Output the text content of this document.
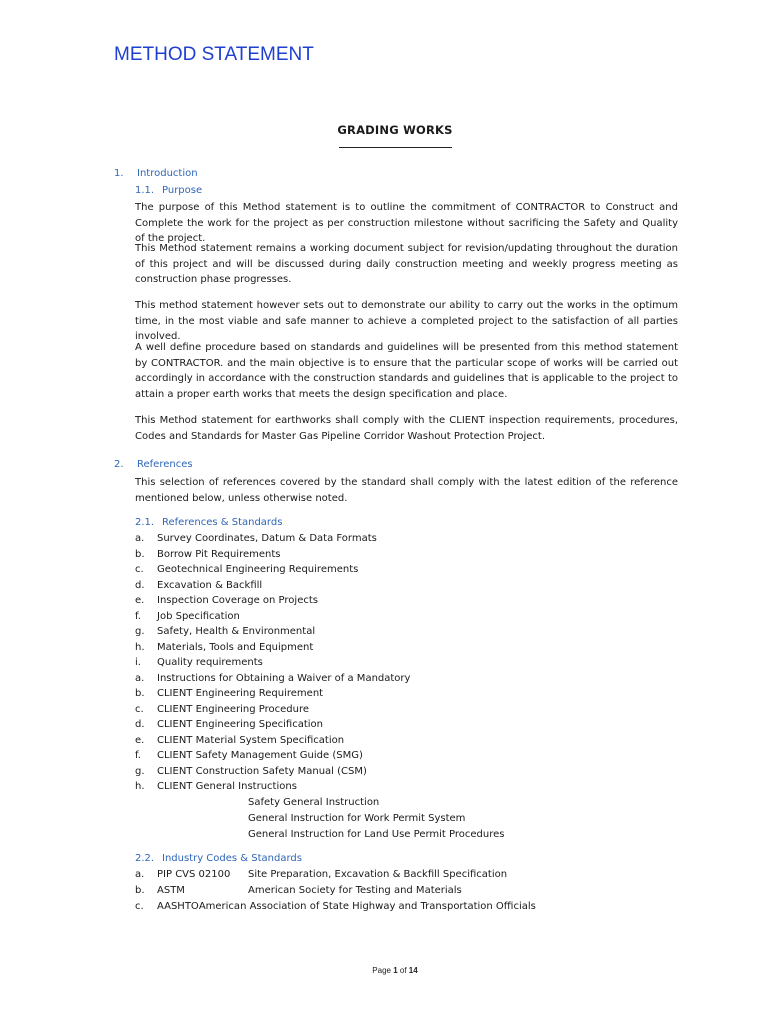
METHOD STATEMENT
GRADING WORKS
1. Introduction
1.1. Purpose

The purpose of this Method statement is to outline the commitment of CONTRACTOR to Construct and Complete the work for the project as per construction milestone without sacrificing the Safety and Quality of the project.

This Method statement remains a working document subject for revision/updating throughout the duration of this project and will be discussed during daily construction meeting and weekly progress meeting as construction phase progresses.

This method statement however sets out to demonstrate our ability to carry out the works in the optimum time, in the most viable and safe manner to achieve a completed project to the satisfaction of all parties involved.

A well define procedure based on standards and guidelines will be presented from this method statement by CONTRACTOR. and the main objective is to ensure that the particular scope of works will be carried out accordingly in accordance with the construction standards and guidelines that is applicable to the project to attain a proper earth works that meets the design specification and place.

This Method statement for earthworks shall comply with the CLIENT inspection requirements, procedures, Codes and Standards for Master Gas Pipeline Corridor Washout Protection Project.

2. References

This selection of references covered by the standard shall comply with the latest edition of the reference mentioned below, unless otherwise noted.

2.1. References & Standards
a. Survey Coordinates, Datum & Data Formats
b. Borrow Pit Requirements
c. Geotechnical Engineering Requirements
d. Excavation & Backfill
e. Inspection Coverage on Projects
f. Job Specification
g. Safety, Health & Environmental
h. Materials, Tools and Equipment
i. Quality requirements
a. Instructions for Obtaining a Waiver of a Mandatory
b. CLIENT Engineering Requirement
c. CLIENT Engineering Procedure
d. CLIENT Engineering Specification
e. CLIENT Material System Specification
f. CLIENT Safety Management Guide (SMG)
g. CLIENT Construction Safety Manual (CSM)
h. CLIENT General Instructions
Safety General Instruction
General Instruction for Work Permit System
General Instruction for Land Use Permit Procedures
2.2. Industry Codes & Standards
a. PIP CVS 02100 Site Preparation, Excavation & Backfill Specification
b. ASTM	American Society for Testing and Materials
c. AASHTOAmerican Association of State Highway and Transportation Officials
Page 1 of 14
